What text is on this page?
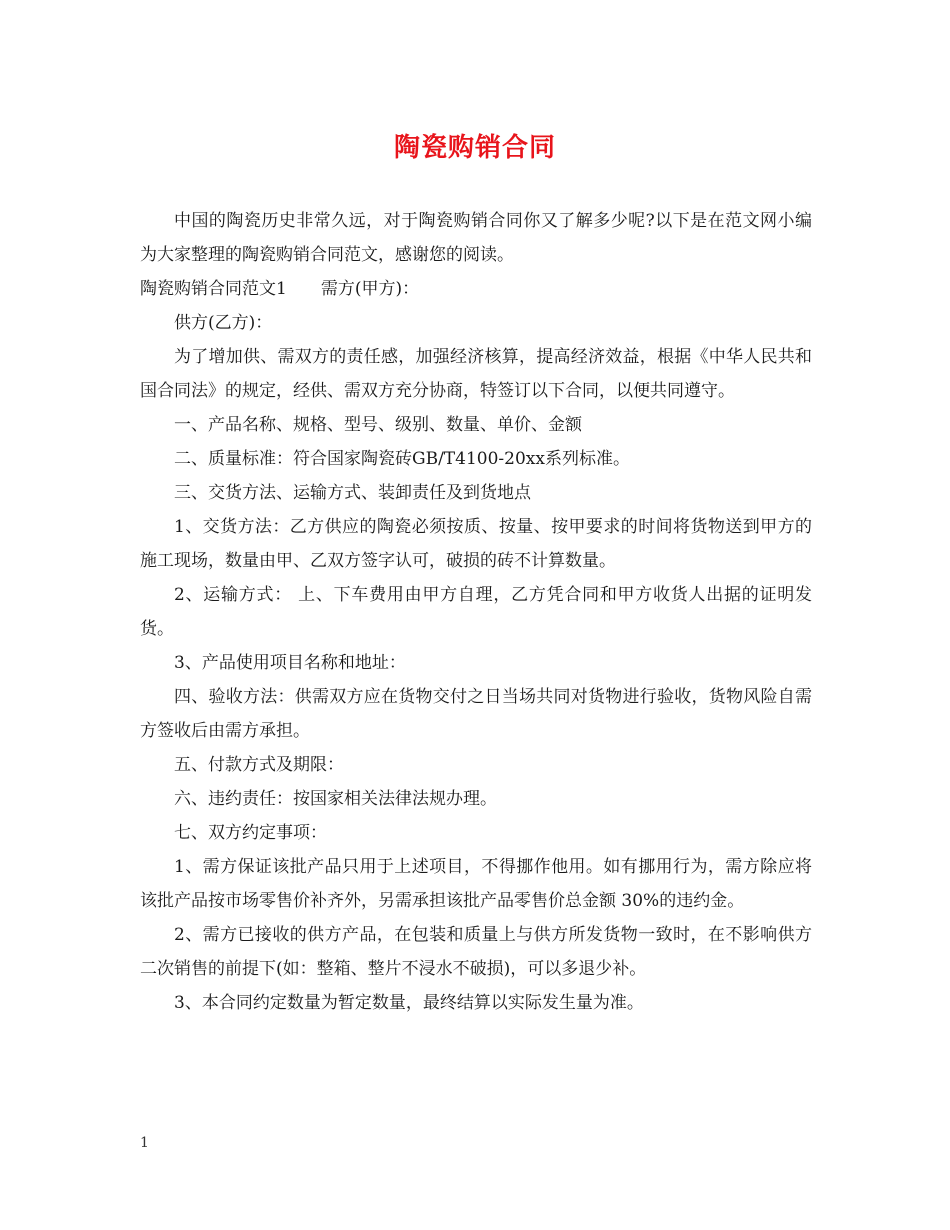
陶瓷购销合同

中国的陶瓷历史非常久远，对于陶瓷购销合同你又了解多少呢?以下是在范文网小编为大家整理的陶瓷购销合同范文，感谢您的阅读。

陶瓷购销合同范文1 需方(甲方)：

供方(乙方)：

为了增加供、需双方的责任感，加强经济核算，提高经济效益，根据《中华人民共和国合同法》的规定，经供、需双方充分协商，特签订以下合同，以便共同遵守。

一、产品名称、规格、型号、级别、数量、单价、金额

二、质量标准：符合国家陶瓷砖GB/T4100-20xx系列标准。

三、交货方法、运输方式、装卸责任及到货地点

1、交货方法：乙方供应的陶瓷必须按质、按量、按甲要求的时间将货物送到甲方的施工现场，数量由甲、乙双方签字认可，破损的砖不计算数量。

2、运输方式： 上、下车费用由甲方自理，乙方凭合同和甲方收货人出据的证明发货。

3、产品使用项目名称和地址：

四、验收方法：供需双方应在货物交付之日当场共同对货物进行验收，货物风险自需方签收后由需方承担。

五、付款方式及期限：

六、违约责任：按国家相关法律法规办理。

七、双方约定事项：

1、需方保证该批产品只用于上述项目，不得挪作他用。如有挪用行为，需方除应将该批产品按市场零售价补齐外，另需承担该批产品零售价总金额 30%的违约金。

2、需方已接收的供方产品，在包装和质量上与供方所发货物一致时，在不影响供方二次销售的前提下(如：整箱、整片不浸水不破损)，可以多退少补。

3、本合同约定数量为暂定数量，最终结算以实际发生量为准。

1
